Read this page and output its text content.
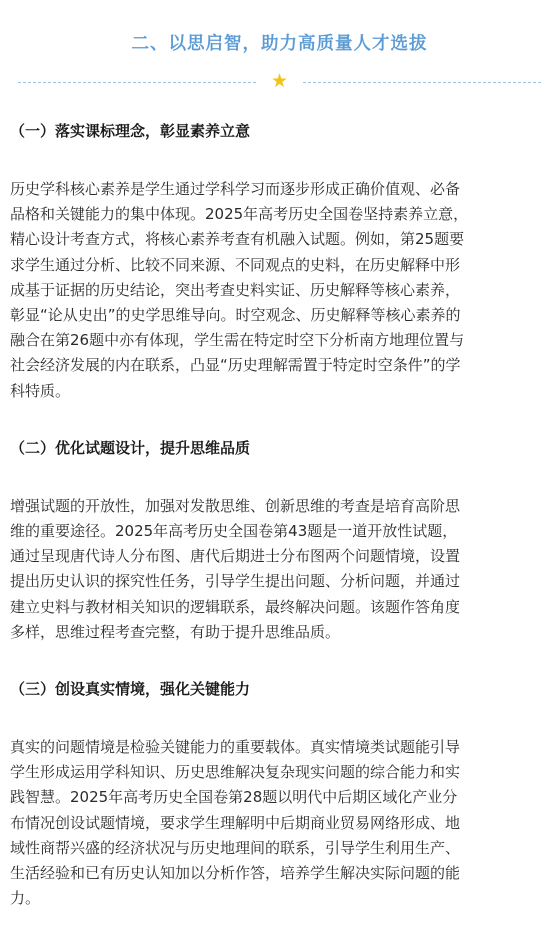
二、以思启智，助力高质量人才选拔
★
（一）落实课标理念，彰显素养立意

历史学科核心素养是学生通过学科学习而逐步形成正确价值观、必备
品格和关键能力的集中体现。2025年高考历史全国卷坚持素养立意，
精心设计考查方式，将核心素养考查有机融入试题。例如，第25题要
求学生通过分析、比较不同来源、不同观点的史料，在历史解释中形
成基于证据的历史结论，突出考查史料实证、历史解释等核心素养，
彰显“论从史出”的史学思维导向。时空观念、历史解释等核心素养的
融合在第26题中亦有体现，学生需在特定时空下分析南方地理位置与
社会经济发展的内在联系，凸显“历史理解需置于特定时空条件”的学
科特质。

（二）优化试题设计，提升思维品质

增强试题的开放性，加强对发散思维、创新思维的考查是培育高阶思
维的重要途径。2025年高考历史全国卷第43题是一道开放性试题，
通过呈现唐代诗人分布图、唐代后期进士分布图两个问题情境，设置
提出历史认识的探究性任务，引导学生提出问题、分析问题，并通过
建立史料与教材相关知识的逻辑联系，最终解决问题。该题作答角度
多样，思维过程考查完整，有助于提升思维品质。

（三）创设真实情境，强化关键能力

真实的问题情境是检验关键能力的重要载体。真实情境类试题能引导
学生形成运用学科知识、历史思维解决复杂现实问题的综合能力和实
践智慧。2025年高考历史全国卷第28题以明代中后期区域化产业分
布情况创设试题情境，要求学生理解明中后期商业贸易网络形成、地
域性商帮兴盛的经济状况与历史地理间的联系，引导学生利用生产、
生活经验和已有历史认知加以分析作答，培养学生解决实际问题的能
力。
